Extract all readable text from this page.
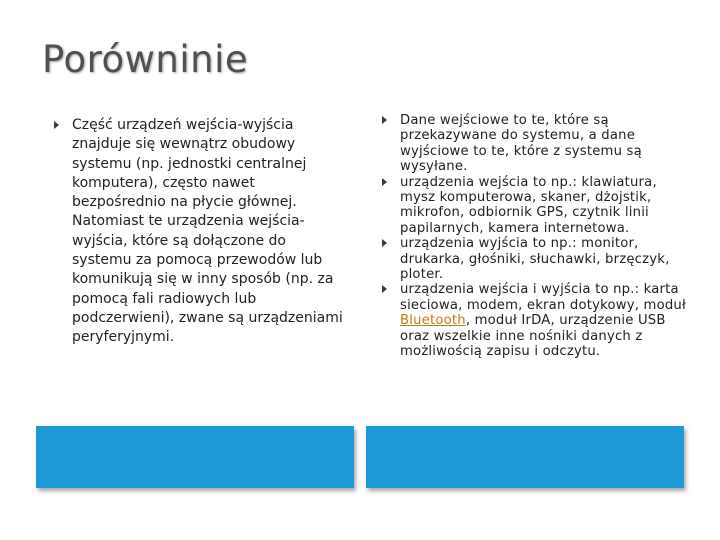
Porówninie
Część urządzeń wejścia-wyjścia znajduje się wewnątrz obudowy systemu (np. jednostki centralnej komputera), często nawet bezpośrednio na płycie głównej. Natomiast te urządzenia wejścia-wyjścia, które są dołączone do systemu za pomocą przewodów lub komunikują się w inny sposób (np. za pomocą fali radiowych lub podczerwieni), zwane są urządzeniami peryferyjnymi.
Dane wejściowe to te, które są przekazywane do systemu, a dane wyjściowe to te, które z systemu są wysyłane.
urządzenia wejścia to np.: klawiatura, mysz komputerowa, skaner, dżojstik, mikrofon, odbiornik GPS, czytnik linii papilarnych, kamera internetowa.
urządzenia wyjścia to np.: monitor, drukarka, głośniki, słuchawki, brzęczyk, ploter.
urządzenia wejścia i wyjścia to np.: karta sieciowa, modem, ekran dotykowy, moduł Bluetooth, moduł IrDA, urządzenie USB oraz wszelkie inne nośniki danych z możliwością zapisu i odczytu.
